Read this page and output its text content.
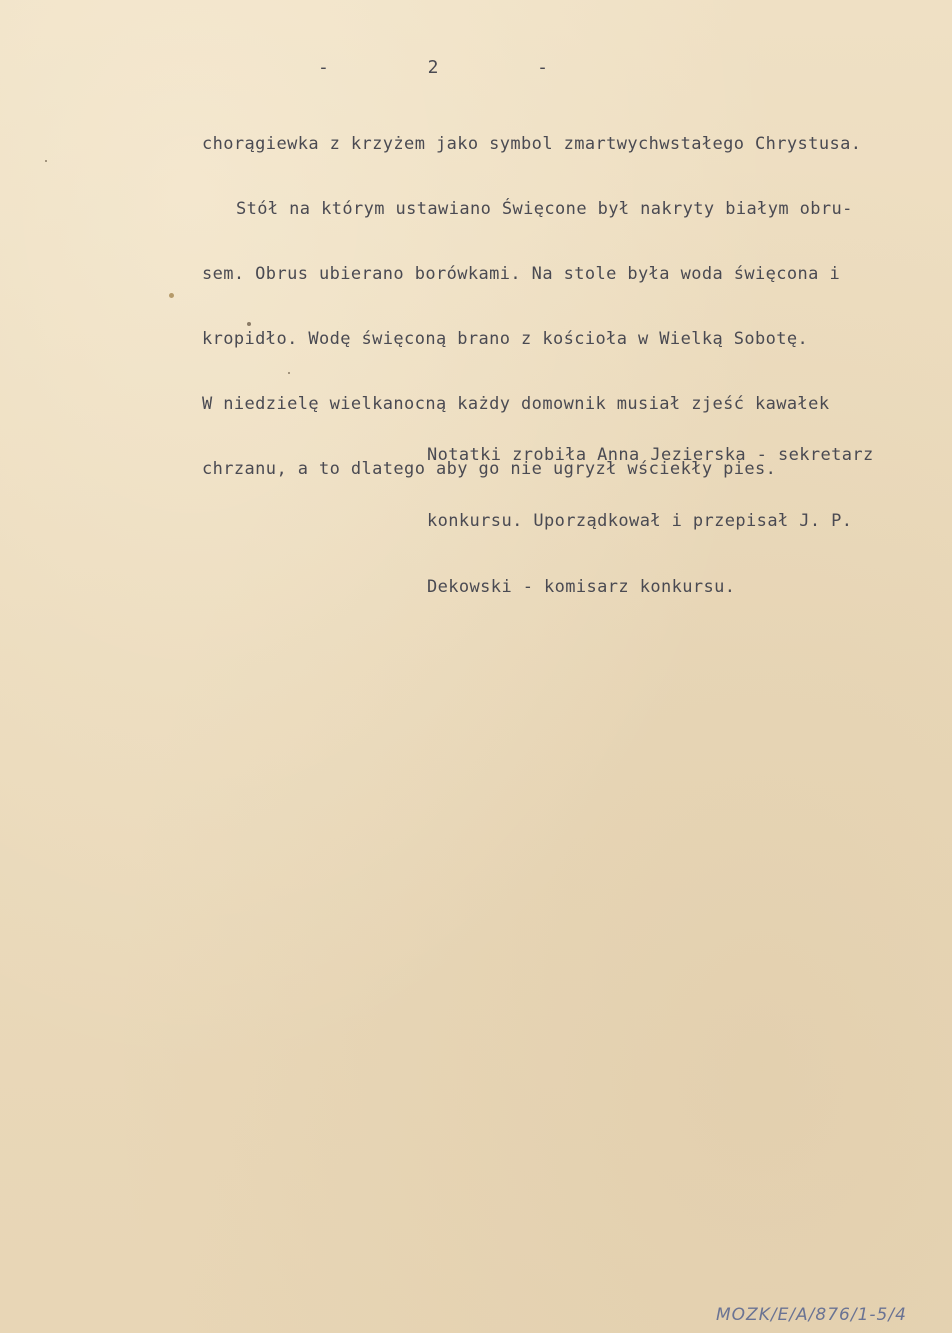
-	2	-

chorągiewka z krzyżem jako symbol zmartwychwstałego Chrystusa.

Stół na którym ustawiano Święcone był nakryty białym obru-

sem. Obrus ubierano borówkami. Na stole była woda święcona i

kropidło. Wodę święconą brano z kościoła w Wielką Sobotę.

W niedzielę wielkanocną każdy domownik musiał zjeść kawałek

chrzanu, a to dlatego aby go nie ugryzł wściekły pies.

Notatki zrobiła Anna Jezierska - sekretarz

konkursu. Uporządkował i przepisał J. P.

Dekowski - komisarz konkursu.

MOZK/E/A/876/1-5/4
